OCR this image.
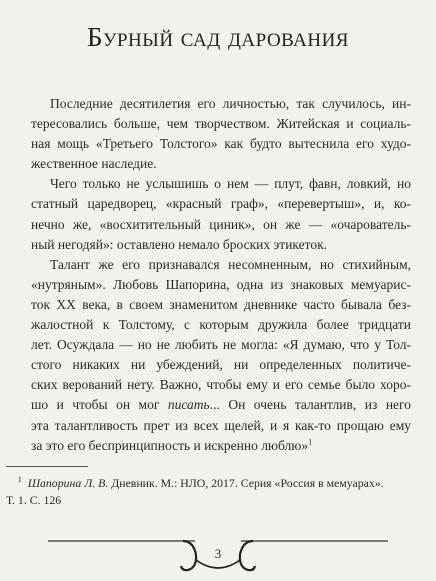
Бурный сад дарования

Последние десятилетия его личностью, так случилось, ин-
тересовались больше, чем творчеством. Житейская и социаль-
ная мощь «Третьего Толстого» как будто вытеснила его худо-
жественное наследие.

Чего только не услышишь о нем — плут, фавн, ловкий, но
статный царедворец, «красный граф», «перевертыш», и, ко-
нечно же, «восхитительный циник», он же — «очарователь-
ный негодяй»: оставлено немало броских этикеток.

Талант же его признавался несомненным, но стихийным,
«нутряным». Любовь Шапорина, одна из знаковых мемуарис-
ток XX века, в своем знаменитом дневнике часто бывала без-
жалостной к Толстому, с которым дружила более тридцати
лет. Осуждала — но не любить не могла: «Я думаю, что у Тол-
стого никаких ни убеждений, ни определенных политиче-
ских верований нету. Важно, чтобы ему и его семье было хоро-
шо и чтобы он мог писать... Он очень талантлив, из него
эта талантливость прет из всех щелей, и я как-то прощаю ему
за это его беспринципность и искренно люблю»$^1$

$^1$ Шапорина Л. В. Дневник. М.: НЛО, 2017. Серия «Россия в мемуарах».
Т. 1. С. 126
3
